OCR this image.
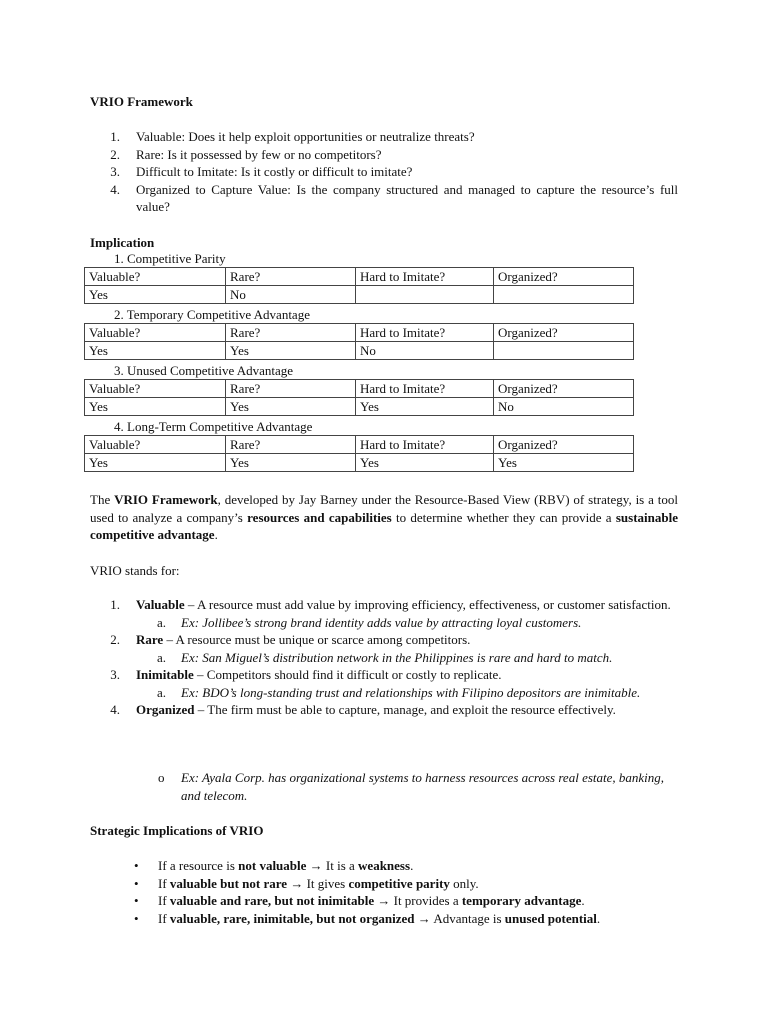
VRIO Framework
1. Valuable: Does it help exploit opportunities or neutralize threats?
2. Rare: Is it possessed by few or no competitors?
3. Difficult to Imitate: Is it costly or difficult to imitate?
4. Organized to Capture Value: Is the company structured and managed to capture the resource’s full value?
Implication
1. Competitive Parity
Valuable?	Rare?	Hard to Imitate?	Organized?
Yes	No		
2. Temporary Competitive Advantage
Valuable?	Rare?	Hard to Imitate?	Organized?
Yes	Yes	No	
3. Unused Competitive Advantage
Valuable?	Rare?	Hard to Imitate?	Organized?
Yes	Yes	Yes	No
4. Long-Term Competitive Advantage
Valuable?	Rare?	Hard to Imitate?	Organized?
Yes	Yes	Yes	Yes
The VRIO Framework, developed by Jay Barney under the Resource-Based View (RBV) of strategy, is a tool used to analyze a company’s resources and capabilities to determine whether they can provide a sustainable competitive advantage.
VRIO stands for:
1. Valuable – A resource must add value by improving efficiency, effectiveness, or customer satisfaction.
a. Ex: Jollibee’s strong brand identity adds value by attracting loyal customers.
2. Rare – A resource must be unique or scarce among competitors.
a. Ex: San Miguel’s distribution network in the Philippines is rare and hard to match.
3. Inimitable – Competitors should find it difficult or costly to replicate.
a. Ex: BDO’s long-standing trust and relationships with Filipino depositors are inimitable.
4. Organized – The firm must be able to capture, manage, and exploit the resource effectively.
o Ex: Ayala Corp. has organizational systems to harness resources across real estate, banking, and telecom.
Strategic Implications of VRIO
• If a resource is not valuable → It is a weakness.
• If valuable but not rare → It gives competitive parity only.
• If valuable and rare, but not inimitable → It provides a temporary advantage.
• If valuable, rare, inimitable, but not organized → Advantage is unused potential.
